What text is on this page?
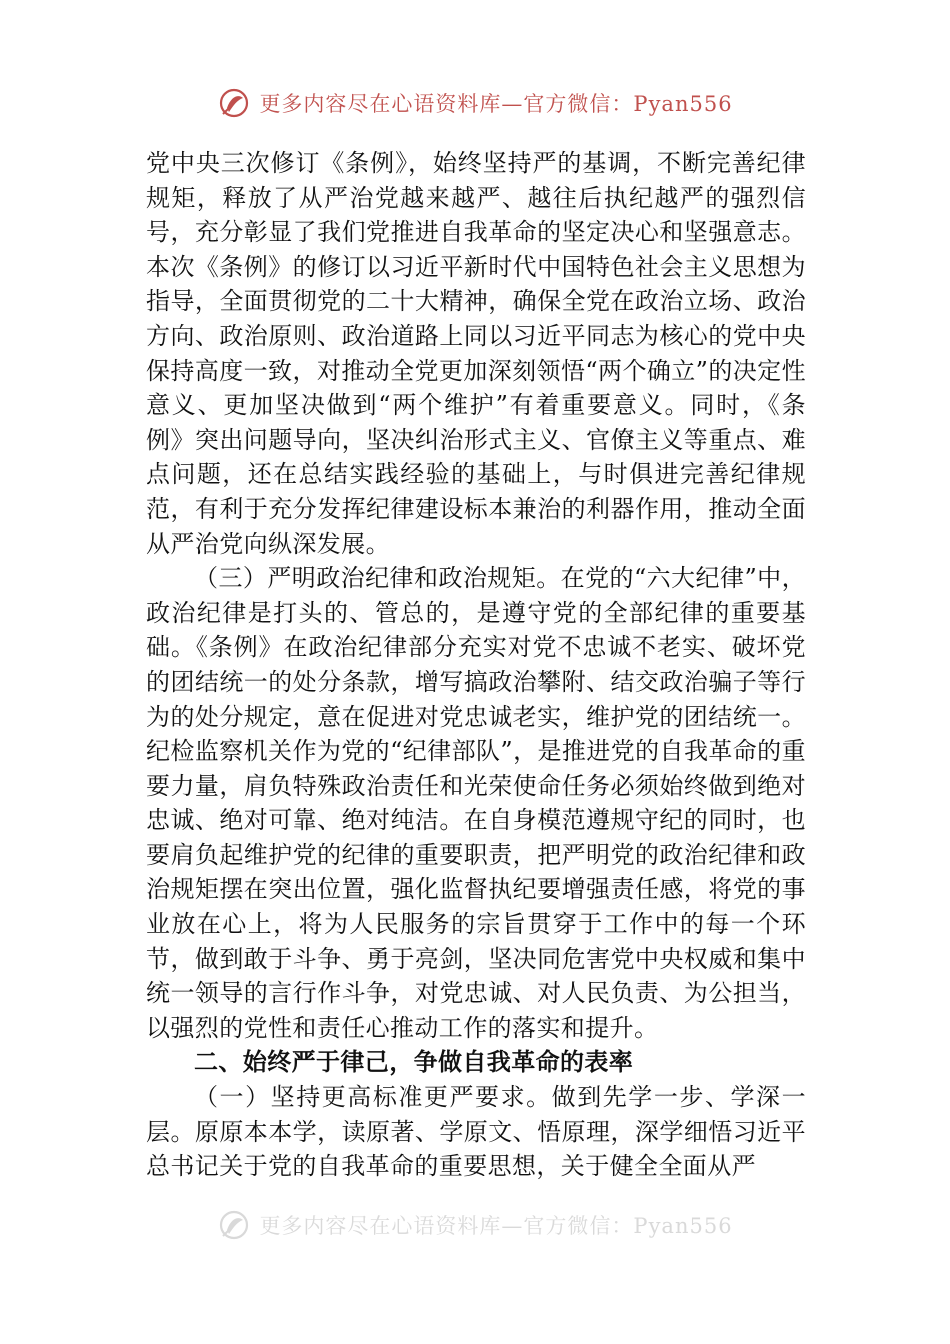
更多内容尽在心语资料库—官方微信：Pyan556

党中央三次修订《条例》，始终坚持严的基调，不断完善纪律规矩，释放了从严治党越来越严、越往后执纪越严的强烈信号，充分彰显了我们党推进自我革命的坚定决心和坚强意志。本次《条例》的修订以习近平新时代中国特色社会主义思想为指导，全面贯彻党的二十大精神，确保全党在政治立场、政治方向、政治原则、政治道路上同以习近平同志为核心的党中央保持高度一致，对推动全党更加深刻领悟“两个确立”的决定性意义、更加坚决做到“两个维护”有着重要意义。同时，《条例》突出问题导向，坚决纠治形式主义、官僚主义等重点、难点问题，还在总结实践经验的基础上，与时俱进完善纪律规范，有利于充分发挥纪律建设标本兼治的利器作用，推动全面从严治党向纵深发展。

（三）严明政治纪律和政治规矩。在党的“六大纪律”中，政治纪律是打头的、管总的，是遵守党的全部纪律的重要基础。《条例》在政治纪律部分充实对党不忠诚不老实、破坏党的团结统一的处分条款，增写搞政治攀附、结交政治骗子等行为的处分规定，意在促进对党忠诚老实，维护党的团结统一。纪检监察机关作为党的“纪律部队”，是推进党的自我革命的重要力量，肩负特殊政治责任和光荣使命任务必须始终做到绝对忠诚、绝对可靠、绝对纯洁。在自身模范遵规守纪的同时，也要肩负起维护党的纪律的重要职责，把严明党的政治纪律和政治规矩摆在突出位置，强化监督执纪要增强责任感，将党的事业放在心上，将为人民服务的宗旨贯穿于工作中的每一个环节，做到敢于斗争、勇于亮剑，坚决同危害党中央权威和集中统一领导的言行作斗争，对党忠诚、对人民负责、为公担当，以强烈的党性和责任心推动工作的落实和提升。

二、始终严于律己，争做自我革命的表率

（一）坚持更高标准更严要求。做到先学一步、学深一层。原原本本学，读原著、学原文、悟原理，深学细悟习近平总书记关于党的自我革命的重要思想，关于健全全面从严

更多内容尽在心语资料库—官方微信：Pyan556
